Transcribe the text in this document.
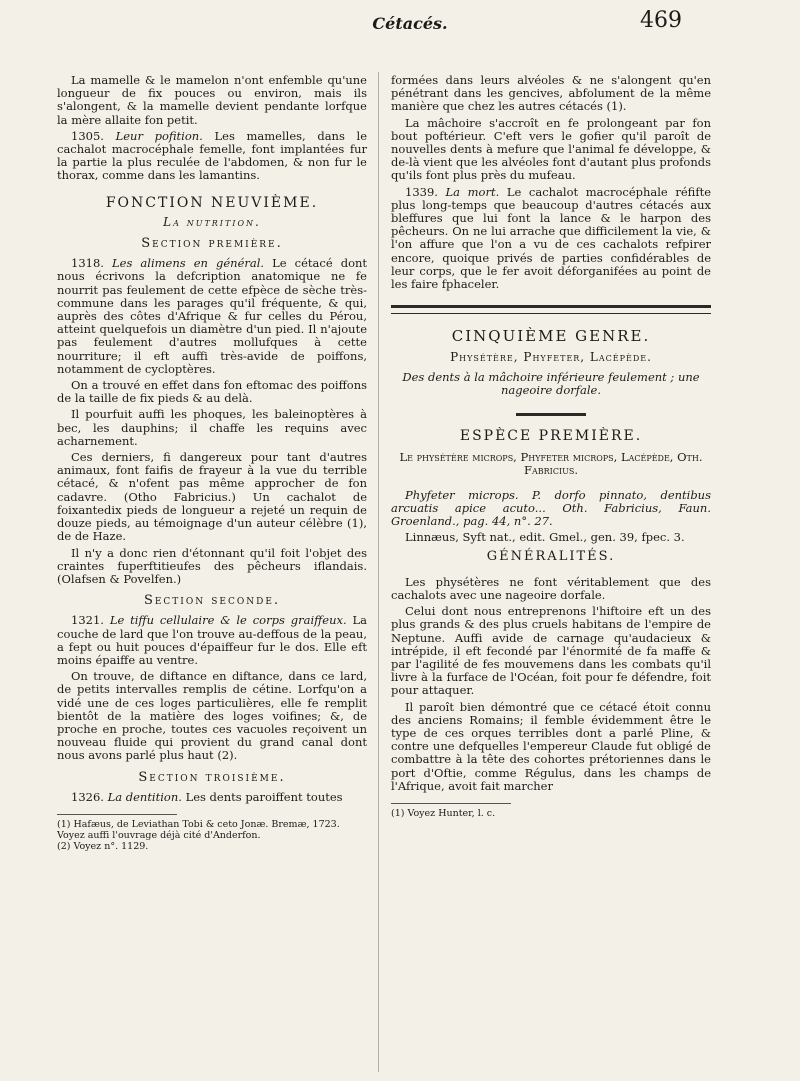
Cétacés.	469

La mamelle & le mamelon n'ont enfemble qu'une longueur de fix pouces ou environ, mais ils s'alongent, & la mamelle devient pendante lorfque la mère allaite fon petit.

1305. Leur pofition. Les mamelles, dans le cachalot macrocéphale femelle, font implantées fur la partie la plus reculée de l'abdomen, & non fur le thorax, comme dans les lamantins.

FONCTION NEUVIÈME.
La nutrition.
Section première.

1318. Les alimens en général. Le cétacé dont nous écrivons la defcription anatomique ne fe nourrit pas feulement de cette efpèce de sèche très-commune dans les parages qu'il fréquente, & qui, auprès des côtes d'Afrique & fur celles du Pérou, atteint quelquefois un diamètre d'un pied. Il n'ajoute pas feulement d'autres mollufques à cette nourriture; il eft auffi très-avide de poiffons, notamment de cycloptères.

On a trouvé en effet dans fon eftomac des poiffons de la taille de fix pieds & au delà.

Il pourfuit auffi les phoques, les baleinoptères à bec, les dauphins; il chaffe les requins avec acharnement.

Ces derniers, fi dangereux pour tant d'autres animaux, font faifis de frayeur à la vue du terrible cétacé, & n'ofent pas même approcher de fon cadavre. (Otho Fabricius.) Un cachalot de foixantedix pieds de longueur a rejeté un requin de douze pieds, au témoignage d'un auteur célèbre (1), de de Haze.

Il n'y a donc rien d'étonnant qu'il foit l'objet des craintes fuperftitieufes des pêcheurs iflandais. (Olafsen & Povelfen.)

Section seconde.

1321. Le tiffu cellulaire & le corps graiffeux. La couche de lard que l'on trouve au-deffous de la peau, a fept ou huit pouces d'épaiffeur fur le dos. Elle eft moins épaiffe au ventre.

On trouve, de diftance en diftance, dans ce lard, de petits intervalles remplis de cétine. Lorfqu'on a vidé une de ces loges particulières, elle fe remplit bientôt de la matière des loges voifines; &, de proche en proche, toutes ces vacuoles reçoivent un nouveau fluide qui provient du grand canal dont nous avons parlé plus haut (2).

Section troisième.

1326. La dentition. Les dents paroiffent toutes

(1) Hafæus, de Leviathan Tobi & ceto Jonæ. Bremæ, 1723. Voyez auffi l'ouvrage déjà cité d'Anderfon.

(2) Voyez n°. 1129.

formées dans leurs alvéoles & ne s'alongent qu'en pénétrant dans les gencives, abfolument de la même manière que chez les autres cétacés (1).

La mâchoire s'accroît en fe prolongeant par fon bout poftérieur. C'eft vers le gofier qu'il paroît de nouvelles dents à mefure que l'animal fe développe, & de-là vient que les alvéoles font d'autant plus profonds qu'ils font plus près du mufeau.

1339. La mort. Le cachalot macrocéphale réfifte plus long-temps que beaucoup d'autres cétacés aux bleffures que lui font la lance & le harpon des pêcheurs. On ne lui arrache que difficilement la vie, & l'on affure que l'on a vu de ces cachalots refpirer encore, quoique privés de parties confidérables de leur corps, que le fer avoit déforganifées au point de les faire fphaceler.

CINQUIÈME GENRE.
Physétère, Phyfeter, Lacépède.
Des dents à la mâchoire inférieure feulement ; une nageoire dorfale.
ESPÈCE PREMIÈRE.

Le physétère microps, Phyfeter microps, Lacépède, Oth. Fabricius.

Phyfeter microps. P. dorfo pinnato, dentibus arcuatis apice acuto... Oth. Fabricius, Faun. Groenland., pag. 44, n°. 27.

Linnæus, Syft nat., edit. Gmel., gen. 39, fpec. 3.

GÉNÉRALITÉS.

Les physétères ne font véritablement que des cachalots avec une nageoire dorfale.

Celui dont nous entreprenons l'hiftoire eft un des plus grands & des plus cruels habitans de l'empire de Neptune. Auffi avide de carnage qu'audacieux & intrépide, il eft fecondé par l'énormité de fa maffe & par l'agilité de fes mouvemens dans les combats qu'il livre à la furface de l'Océan, foit pour fe défendre, foit pour attaquer.

Il paroît bien démontré que ce cétacé étoit connu des anciens Romains; il femble évidemment être le type de ces orques terribles dont a parlé Pline, & contre une defquelles l'empereur Claude fut obligé de combattre à la tête des cohortes prétoriennes dans le port d'Oftie, comme Régulus, dans les champs de l'Afrique, avoit fait marcher

(1) Voyez Hunter, l. c.
